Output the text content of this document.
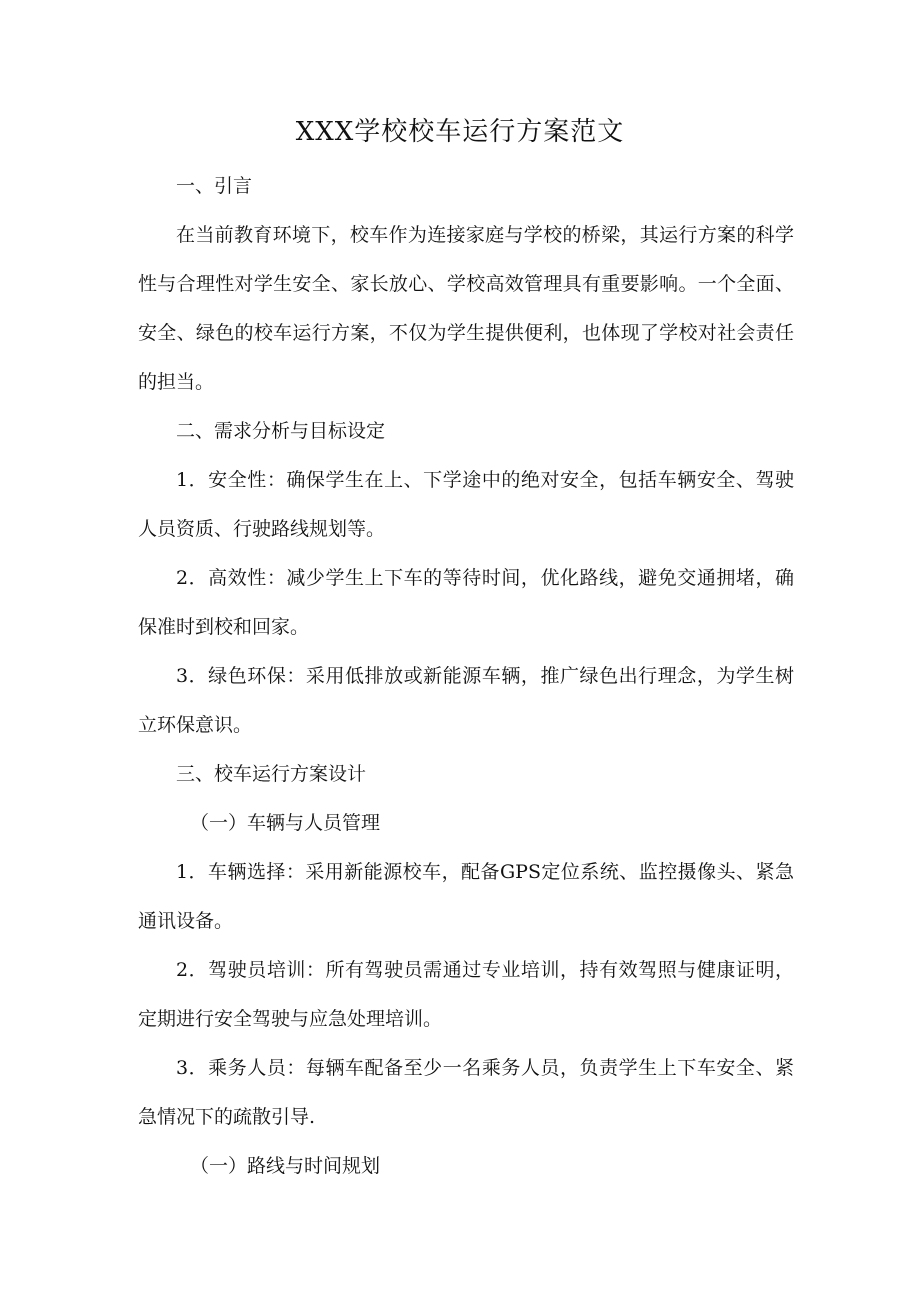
XXX学校校车运行方案范文

一、引言

在当前教育环境下，校车作为连接家庭与学校的桥梁，其运行方案的科学性与合理性对学生安全、家长放心、学校高效管理具有重要影响。一个全面、安全、绿色的校车运行方案，不仅为学生提供便利，也体现了学校对社会责任的担当。

二、需求分析与目标设定

1．安全性：确保学生在上、下学途中的绝对安全，包括车辆安全、驾驶人员资质、行驶路线规划等。

2．高效性：减少学生上下车的等待时间，优化路线，避免交通拥堵，确保准时到校和回家。

3．绿色环保：采用低排放或新能源车辆，推广绿色出行理念，为学生树立环保意识。

三、校车运行方案设计

（一）车辆与人员管理

1．车辆选择：采用新能源校车，配备GPS定位系统、监控摄像头、紧急通讯设备。

2．驾驶员培训：所有驾驶员需通过专业培训，持有效驾照与健康证明，定期进行安全驾驶与应急处理培训。

3．乘务人员：每辆车配备至少一名乘务人员，负责学生上下车安全、紧急情况下的疏散引导.

（一）路线与时间规划
